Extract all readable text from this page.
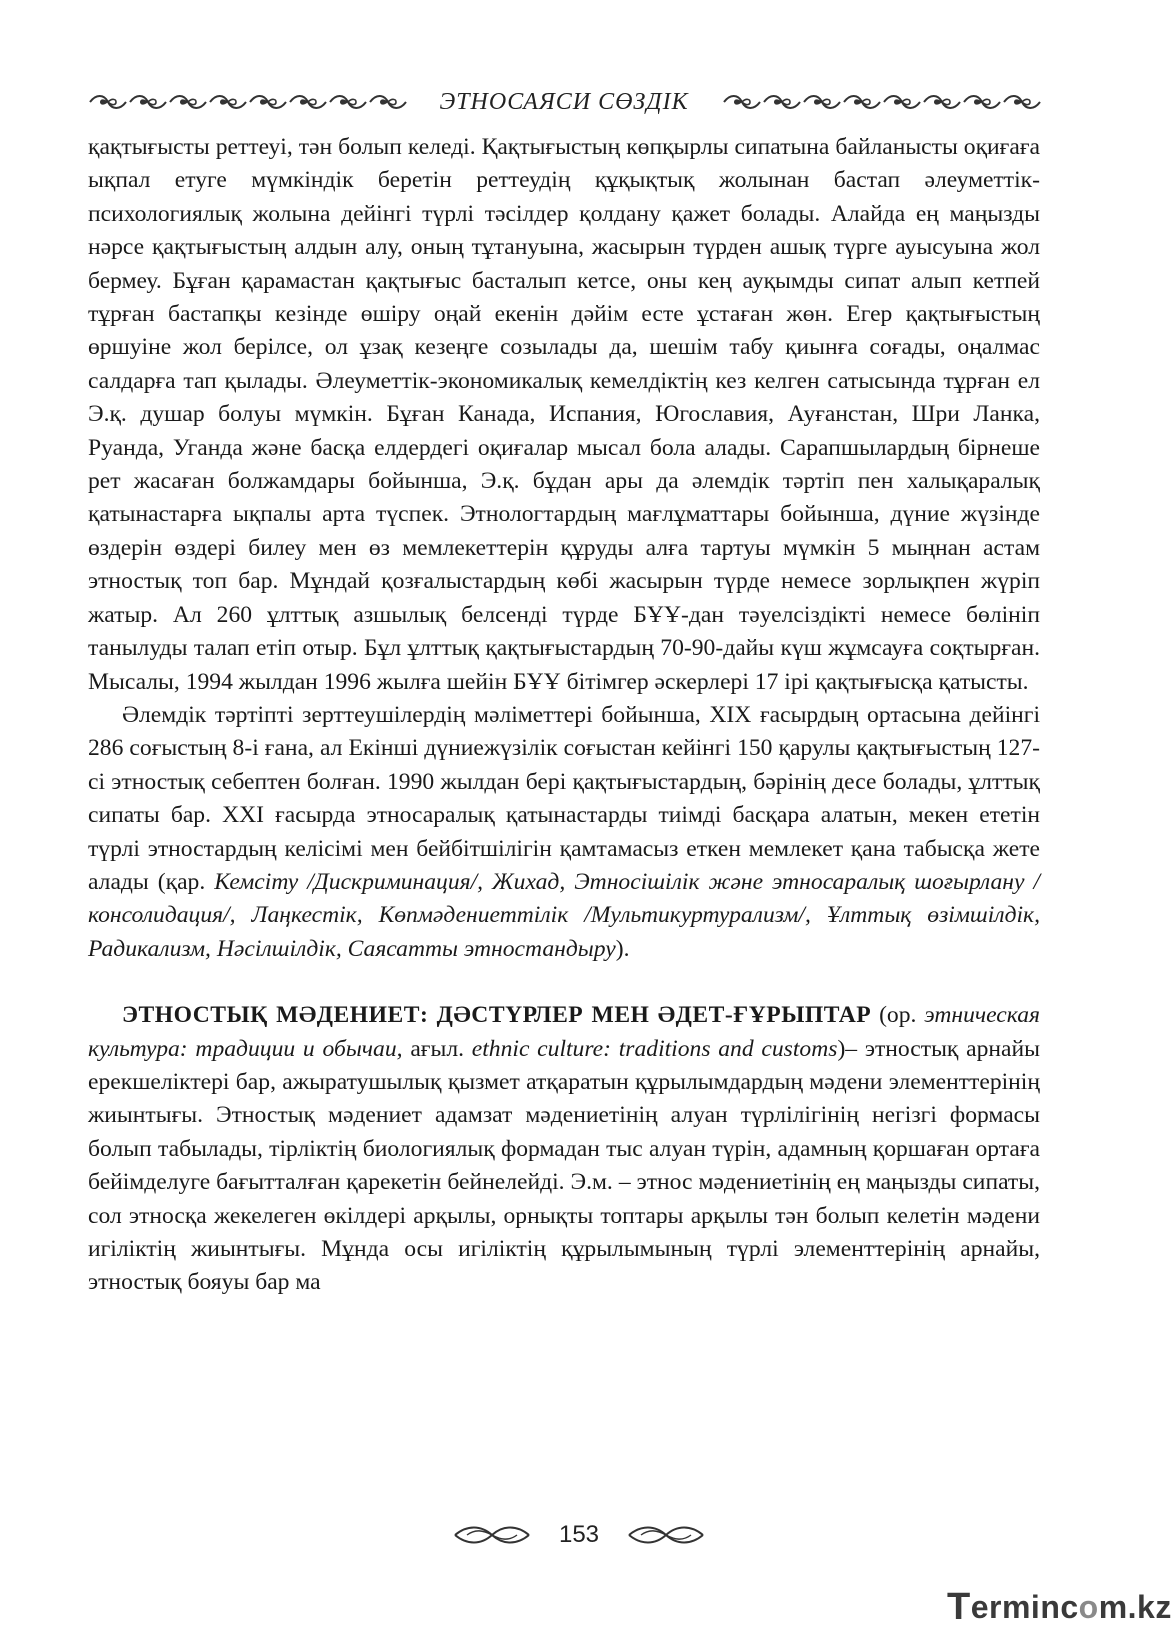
ЭТНОСАЯСИ СӨЗДІК

қақтығысты реттеуі, тән болып келеді. Қақтығыстың көпқырлы сипатына байланысты оқиғаға ықпал етуге мүмкіндік беретін реттеудің құқықтық жолынан бастап әлеуметтік-психологиялық жолына дейінгі түрлі тәсілдер қолдану қажет болады. Алайда ең маңызды нәрсе қақтығыстың алдын алу, оның тұтануына, жасырын түрден ашық түрге ауысуына жол бермеу. Бұған қарамастан қақтығыс басталып кетсе, оны кең ауқымды сипат алып кетпей тұрған бастапқы кезінде өшіру оңай екенін дәйім есте ұстаған жөн. Егер қақтығыстың өршуіне жол берілсе, ол ұзақ кезеңге созылады да, шешім табу қиынға соғады, оңалмас салдарға тап қылады. Әлеуметтік-экономикалық кемелдіктің кез келген сатысында тұрған ел Э.қ. душар болуы мүмкін. Бұған Канада, Испания, Югославия, Ауғанстан, Шри Ланка, Руанда, Уганда және басқа елдердегі оқиғалар мысал бола алады. Сарапшылардың бірнеше рет жасаған болжамдары бойынша, Э.қ. бұдан ары да әлемдік тәртіп пен халықаралық қатынастарға ықпалы арта түспек. Этнологтардың мағлұматтары бойынша, дүние жүзінде өздерін өздері билеу мен өз мемлекеттерін құруды алға тартуы мүмкін 5 мыңнан астам этностық топ бар. Мұндай қозғалыстардың көбі жасырын түрде немесе зорлықпен жүріп жатыр. Ал 260 ұлттық азшылық белсенді түрде БҰҰ-дан тәуелсіздікті немесе бөлініп танылуды талап етіп отыр. Бұл ұлттық қақтығыстардың 70-90-дайы күш жұмсауға соқтырған. Мысалы, 1994 жылдан 1996 жылға шейін БҰҰ бітімгер әскерлері 17 ірі қақтығысқа қатысты.

Әлемдік тәртіпті зерттеушілердің мәліметтері бойынша, XIX ғасырдың ортасына дейінгі 286 соғыстың 8-і ғана, ал Екінші дүниежүзілік соғыстан кейінгі 150 қарулы қақтығыстың 127-сі этностық себептен болған. 1990 жылдан бері қақтығыстардың, бәрінің десе болады, ұлттық сипаты бар. XXI ғасырда этносаралық қатынастарды тиімді басқара алатын, мекен ететін түрлі этностардың келісімі мен бейбітшілігін қамтамасыз еткен мемлекет қана табысқа жете алады (қар. Кемсіту /Дискриминация/, Жихад, Этносішілік және этносаралық шоғырлану /консолидация/, Лаңкестік, Көпмәдениеттілік /Мультикуртурализм/, Ұлттық өзімшілдік, Радикализм, Нәсілшілдік, Саясатты этностандыру).

ЭТНОСТЫҚ МӘДЕНИЕТ: ДӘСТҮРЛЕР МЕН ӘДЕТ-ҒҰРЫПТАР (ор. этническая культура: традиции и обычаи, ағыл. ethnic culture: traditions and customs)– этностық арнайы ерекшеліктері бар, ажыратушылық қызмет атқаратын құрылымдардың мәдени элементтерінің жиынтығы. Этностық мәдениет адамзат мәдениетінің алуан түрлілігінің негізгі формасы болып табылады, тірліктің биологиялық формадан тыс алуан түрін, адамның қоршаған ортаға бейімделуге бағытталған қарекетін бейнелейді. Э.м. – этнос мәдениетінің ең маңызды сипаты, сол этносқа жекелеген өкілдері арқылы, орнықты топтары арқылы тән болып келетін мәдени игіліктің жиынтығы. Мұнда осы игіліктің құрылымының түрлі элементтерінің арнайы, этностық бояуы бар ма

153
T erminc o m.kz
